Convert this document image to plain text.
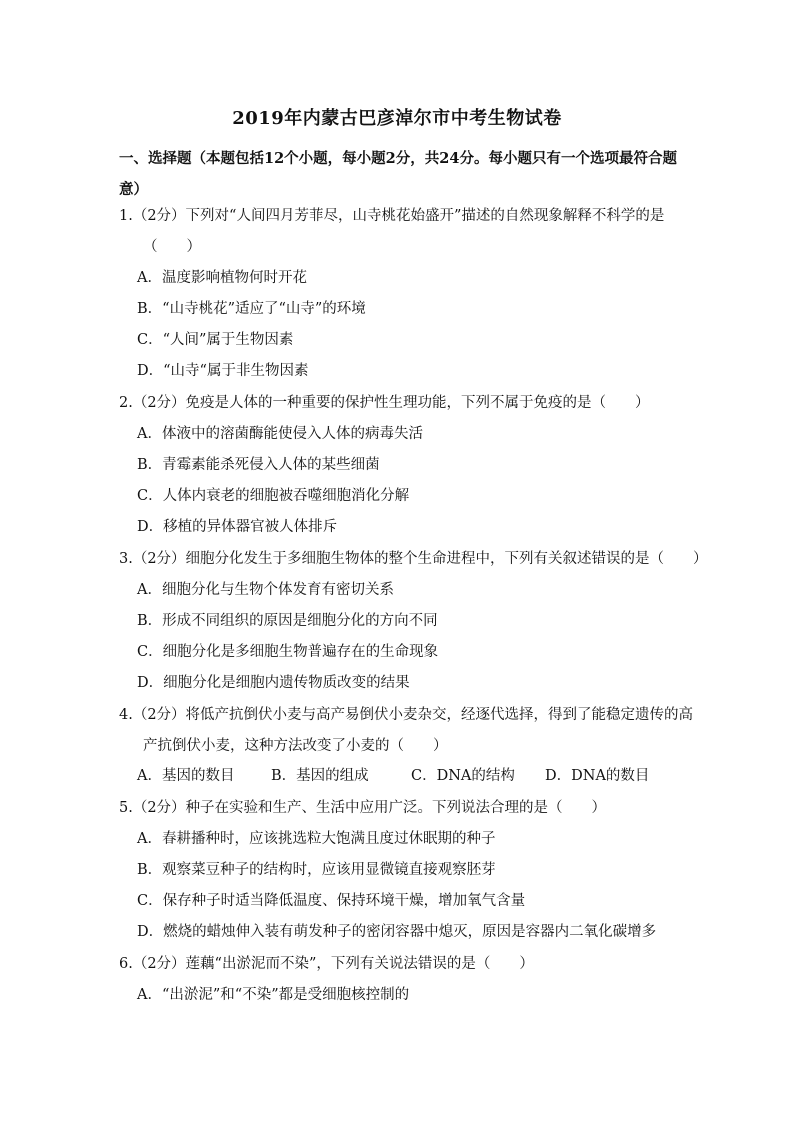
2019年内蒙古巴彦淖尔市中考生物试卷
一、选择题（本题包括12个小题，每小题2分，共24分。每小题只有一个选项最符合题意）
1.（2分）下列对“人间四月芳菲尽，山寺桃花始盛开”描述的自然现象解释不科学的是
（　　）
A．温度影响植物何时开花
B．“山寺桃花”适应了“山寺”的环境
C．“人间”属于生物因素
D．“山寺“属于非生物因素
2.（2分）免疫是人体的一种重要的保护性生理功能，下列不属于免疫的是（　　）
A．体液中的溶菌酶能使侵入人体的病毒失活
B．青霉素能杀死侵入人体的某些细菌
C．人体内衰老的细胞被吞噬细胞消化分解
D．移植的异体器官被人体排斥
3.（2分）细胞分化发生于多细胞生物体的整个生命进程中，下列有关叙述错误的是（　　）
A．细胞分化与生物个体发育有密切关系
B．形成不同组织的原因是细胞分化的方向不同
C．细胞分化是多细胞生物普遍存在的生命现象
D．细胞分化是细胞内遗传物质改变的结果
4.（2分）将低产抗倒伏小麦与高产易倒伏小麦杂交，经逐代选择，得到了能稳定遗传的高
产抗倒伏小麦，这种方法改变了小麦的（　　）
A．基因的数目	B．基因的组成	C．DNA的结构 D．DNA的数目
5.（2分）种子在实验和生产、生活中应用广泛。下列说法合理的是（　　）
A．春耕播种时，应该挑选粒大饱满且度过休眠期的种子
B．观察菜豆种子的结构时，应该用显微镜直接观察胚芽
C．保存种子时适当降低温度、保持环境干燥，增加氧气含量
D．燃烧的蜡烛伸入装有萌发种子的密闭容器中熄灭，原因是容器内二氧化碳增多
6.（2分）莲藕“出淤泥而不染”，下列有关说法错误的是（　　）
A．“出淤泥”和“不染”都是受细胞核控制的
